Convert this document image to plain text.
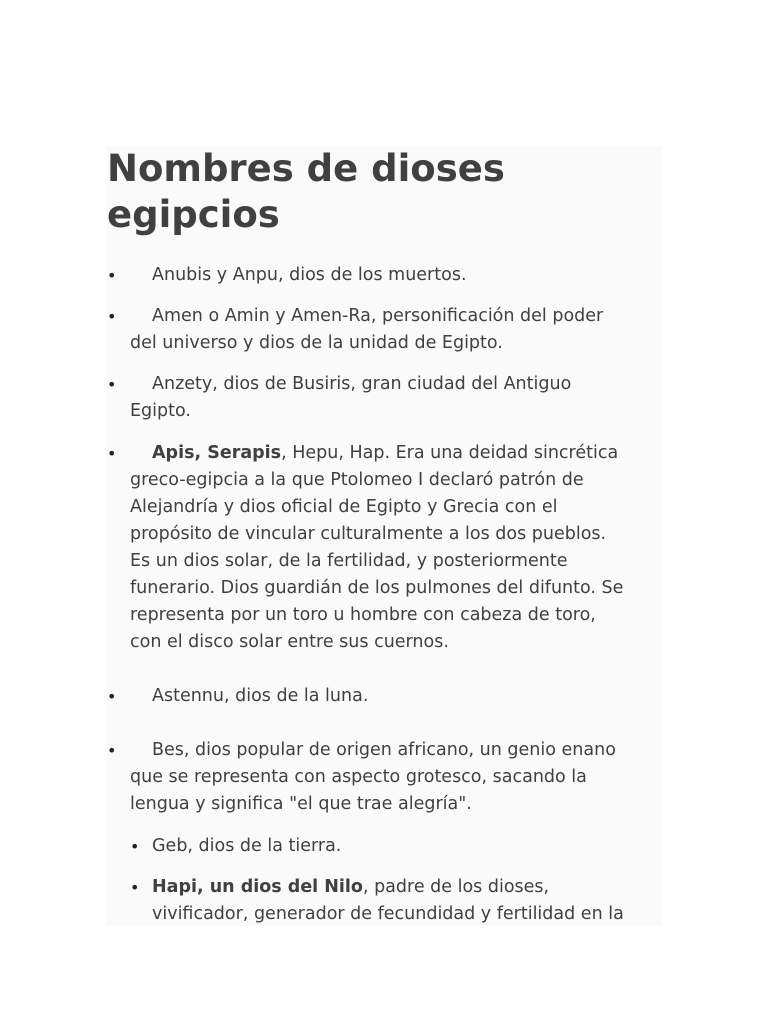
Nombres de dioses
egipcios
•	Anubis y Anpu, dios de los muertos.
•	Amen o Amin y Amen-Ra, personificación del poder
del universo y dios de la unidad de Egipto.
•	Anzety, dios de Busiris, gran ciudad del Antiguo
Egipto.
•	Apis, Serapis, Hepu, Hap. Era una deidad sincrética
greco-egipcia a la que Ptolomeo I declaró patrón de
Alejandría y dios oficial de Egipto y Grecia con el
propósito de vincular culturalmente a los dos pueblos.
Es un dios solar, de la fertilidad, y posteriormente
funerario. Dios guardián de los pulmones del difunto. Se
representa por un toro u hombre con cabeza de toro,
con el disco solar entre sus cuernos.
•	Astennu, dios de la luna.
•	Bes, dios popular de origen africano, un genio enano
que se representa con aspecto grotesco, sacando la
lengua y significa "el que trae alegría".
• Geb, dios de la tierra.
• Hapi, un dios del Nilo, padre de los dioses,
vivificador, generador de fecundidad y fertilidad en la
